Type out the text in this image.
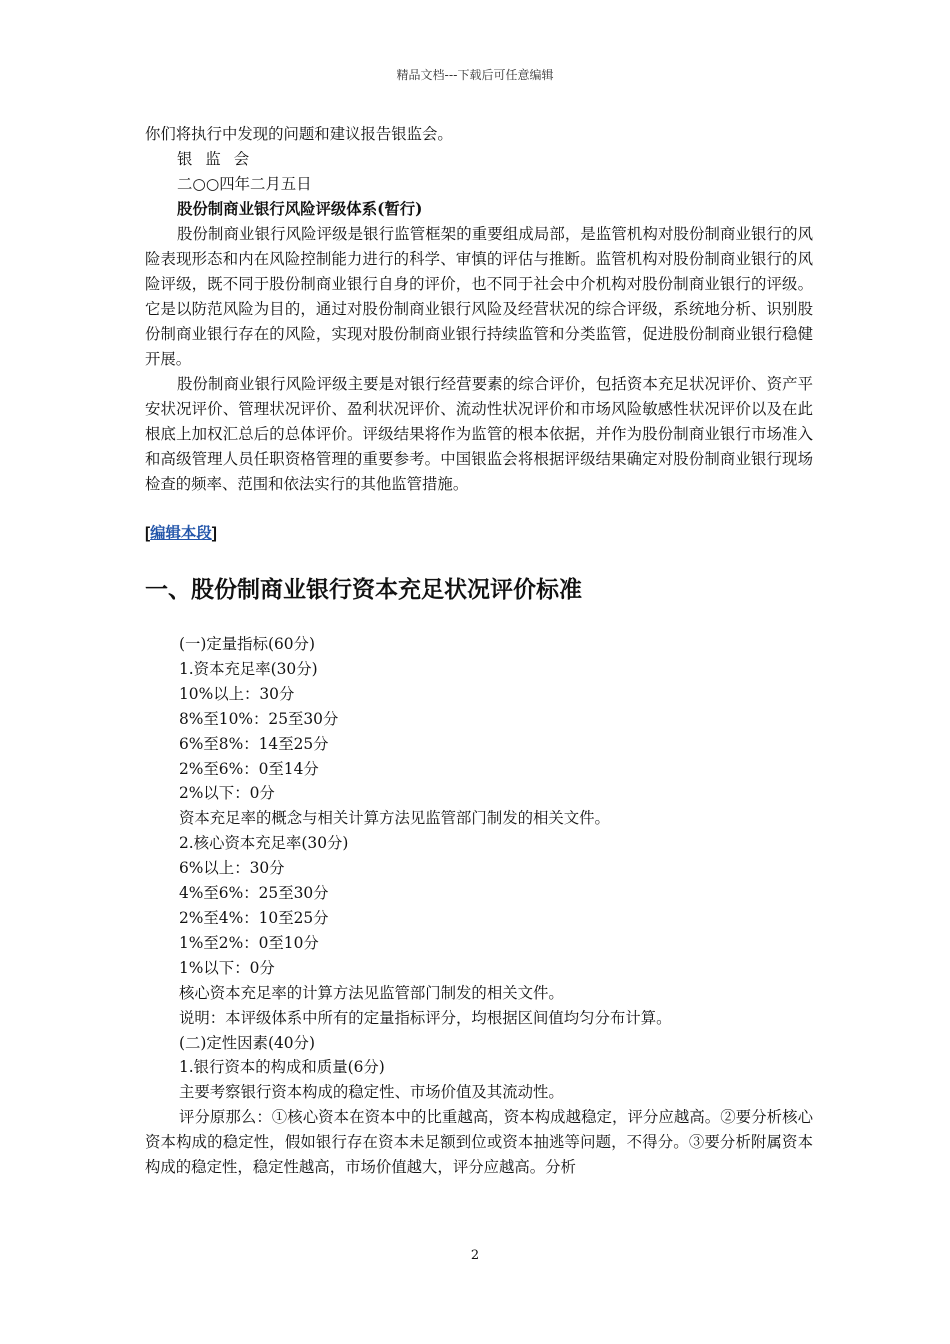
精品文档---下载后可任意编辑
你们将执行中发现的问题和建议报告银监会。
银监会
二○○四年二月五日
股份制商业银行风险评级体系(暂行)
股份制商业银行风险评级是银行监管框架的重要组成局部，是监管机构对股份制商业银行的风险表现形态和内在风险控制能力进行的科学、审慎的评估与推断。监管机构对股份制商业银行的风险评级，既不同于股份制商业银行自身的评价，也不同于社会中介机构对股份制商业银行的评级。它是以防范风险为目的，通过对股份制商业银行风险及经营状况的综合评级，系统地分析、识别股份制商业银行存在的风险，实现对股份制商业银行持续监管和分类监管，促进股份制商业银行稳健开展。
股份制商业银行风险评级主要是对银行经营要素的综合评价，包括资本充足状况评价、资产平安状况评价、管理状况评价、盈利状况评价、流动性状况评价和市场风险敏感性状况评价以及在此根底上加权汇总后的总体评价。评级结果将作为监管的根本依据，并作为股份制商业银行市场准入和高级管理人员任职资格管理的重要参考。中国银监会将根据评级结果确定对股份制商业银行现场检查的频率、范围和依法实行的其他监管措施。
[编辑本段]
一、股份制商业银行资本充足状况评价标准
(一)定量指标(60分)
1.资本充足率(30分)
10%以上：30分
8%至10%：25至30分
6%至8%：14至25分
2%至6%：0至14分
2%以下：0分
资本充足率的概念与相关计算方法见监管部门制发的相关文件。
2.核心资本充足率(30分)
6%以上：30分
4%至6%：25至30分
2%至4%：10至25分
1%至2%：0至10分
1%以下：0分
核心资本充足率的计算方法见监管部门制发的相关文件。
说明：本评级体系中所有的定量指标评分，均根据区间值均匀分布计算。
(二)定性因素(40分)
1.银行资本的构成和质量(6分)
主要考察银行资本构成的稳定性、市场价值及其流动性。
评分原那么：①核心资本在资本中的比重越高，资本构成越稳定，评分应越高。②要分析核心资本构成的稳定性，假如银行存在资本未足额到位或资本抽逃等问题，不得分。③要分析附属资本构成的稳定性，稳定性越高，市场价值越大，评分应越高。分析
2
